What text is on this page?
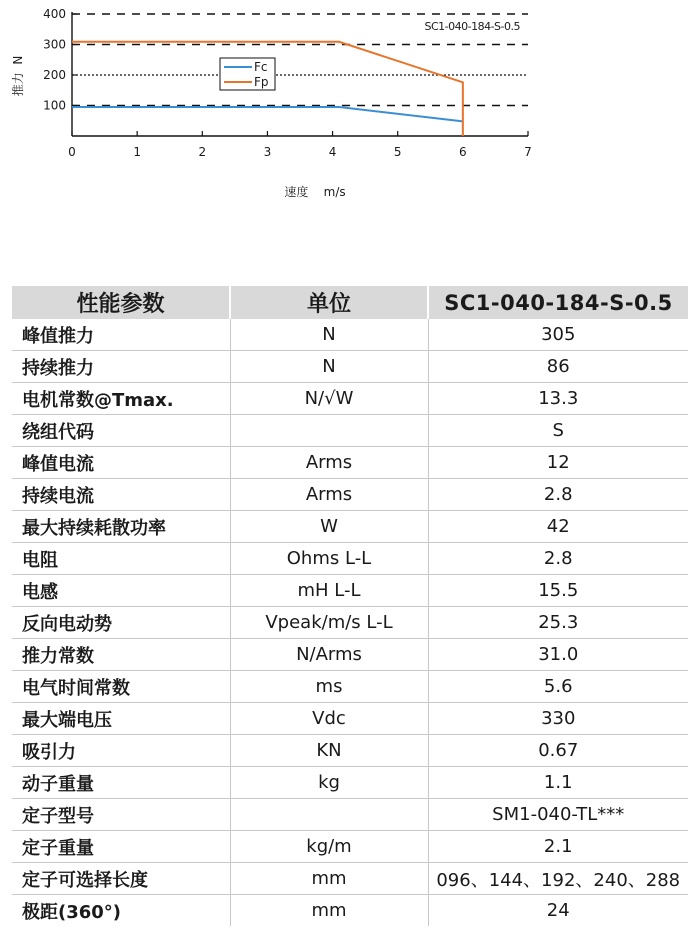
100
200
300
400
0	1	2	3	4	5	6	7
推力  N
速度    m/s
SC1-040-184-S-0.5
Fc
Fp
性能参数	单位	SC1-040-184-S-0.5
峰值推力	N	305
持续推力	N	86
电机常数@Tmax.	N/√W	13.3
绕组代码		S
峰值电流	Arms	12
持续电流	Arms	2.8
最大持续耗散功率	W	42
电阻	Ohms L-L	2.8
电感	mH L-L	15.5
反向电动势	Vpeak/m/s L-L	25.3
推力常数	N/Arms	31.0
电气时间常数	ms	5.6
最大端电压	Vdc	330
吸引力	KN	0.67
动子重量	kg	1.1
定子型号		SM1-040-TL***
定子重量	kg/m	2.1
定子可选择长度	mm	096、144、192、240、288
极距(360°)	mm	24
